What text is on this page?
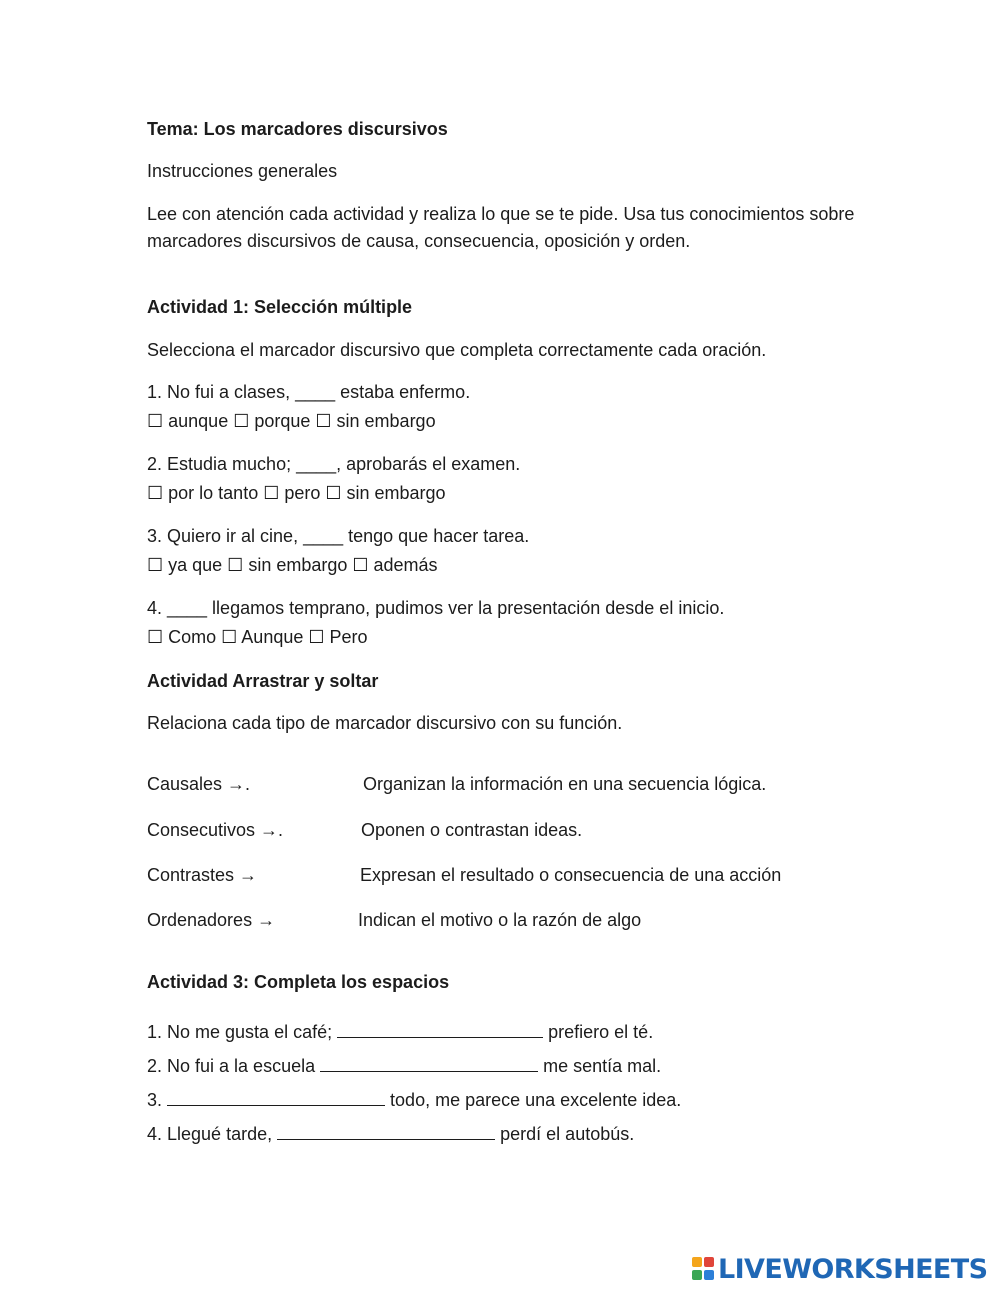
Tema: Los marcadores discursivos
Instrucciones generales
Lee con atención cada actividad y realiza lo que se te pide. Usa tus conocimientos sobre marcadores discursivos de causa, consecuencia, oposición y orden.
Actividad 1: Selección múltiple
Selecciona el marcador discursivo que completa correctamente cada oración.
1. No fui a clases, ____ estaba enfermo.
☐ aunque ☐ porque ☐ sin embargo
2. Estudia mucho; ____, aprobarás el examen.
☐ por lo tanto ☐ pero ☐ sin embargo
3. Quiero ir al cine, ____ tengo que hacer tarea.
☐ ya que ☐ sin embargo ☐ además
4. ____ llegamos temprano, pudimos ver la presentación desde el inicio.
☐ Como ☐ Aunque ☐ Pero
Actividad Arrastrar y soltar
Relaciona cada tipo de marcador discursivo con su función.
Causales →.	Organizan la información en una secuencia lógica.
Consecutivos →.	Oponen o contrastan ideas.
Contrastes →	Expresan el resultado o consecuencia de una acción
Ordenadores →	Indican el motivo o la razón de algo
Actividad 3: Completa los espacios
1. No me gusta el café;	prefiero el té.
2. No fui a la escuela	me sentía mal.
3.	todo, me parece una excelente idea.
4. Llegué tarde,	perdí el autobús.
LIVEWORKSHEETS
